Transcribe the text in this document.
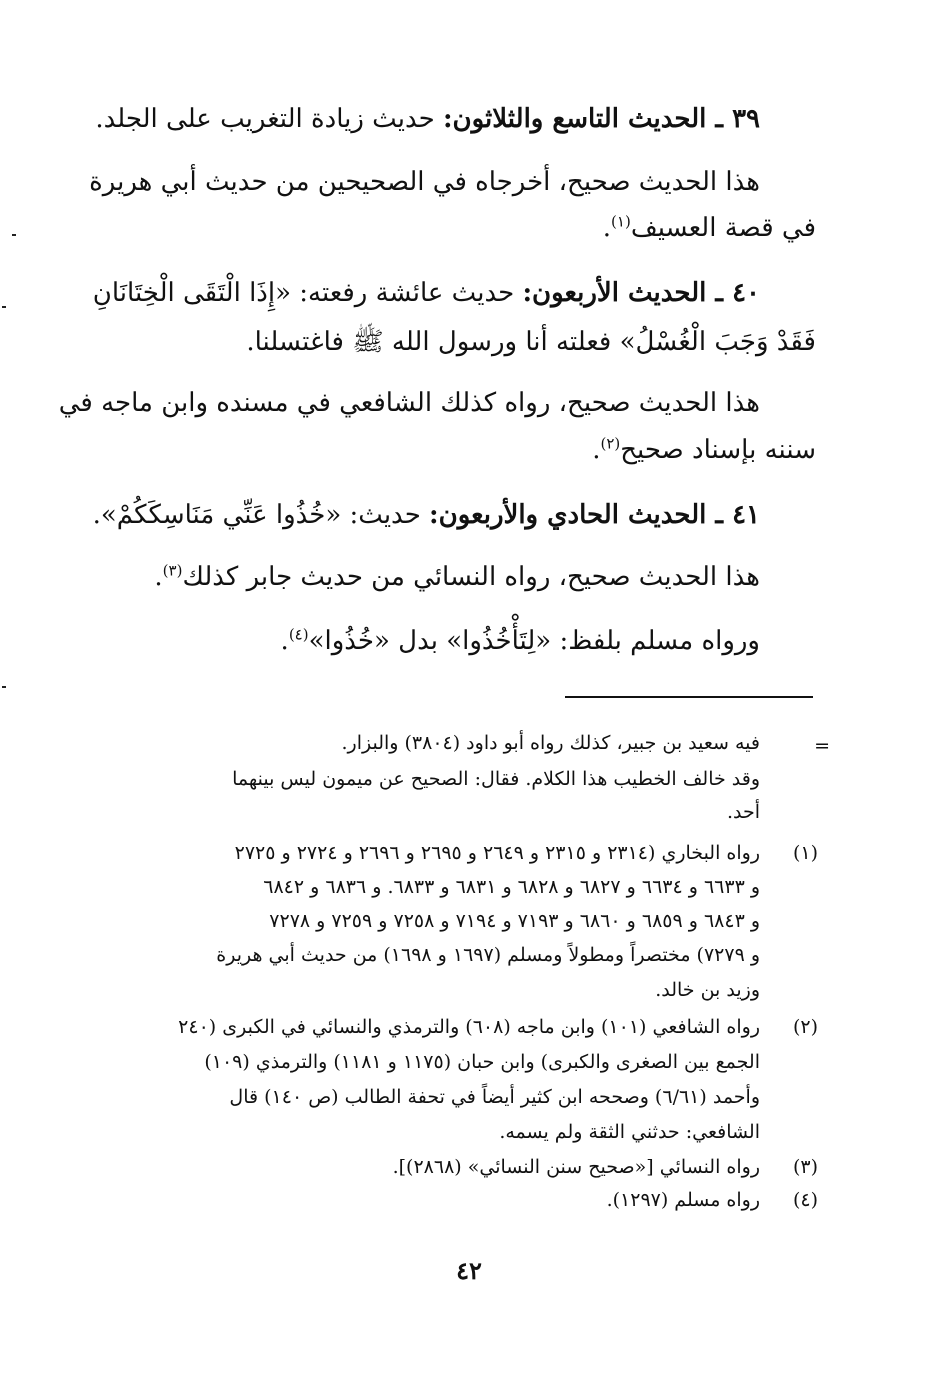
٣٩ ـ الحديث التاسع والثلاثون: حديث زيادة التغريب على الجلد.
هذا الحديث صحيح، أخرجاه في الصحيحين من حديث أبي هريرة
في قصة العسيف$^{(١)}$.
٤٠ ـ الحديث الأربعون: حديث عائشة رفعته: «إِذَا الْتَقَى الْخِتَانَانِ
فَقَدْ وَجَبَ الْغُسْلُ» فعلته أنا ورسول الله ﷺ فاغتسلنا.
هذا الحديث صحيح، رواه كذلك الشافعي في مسنده وابن ماجه في
سننه بإسناد صحيح$^{(٢)}$.
٤١ ـ الحديث الحادي والأربعون: حديث: «خُذُوا عَنِّي مَنَاسِكَكُمْ».
هذا الحديث صحيح، رواه النسائي من حديث جابر كذلك$^{(٣)}$.
ورواه مسلم بلفظ: «لِتَأْخُذُوا» بدل «خُذُوا»$^{(٤)}$.
=
فيه سعيد بن جبير، كذلك رواه أبو داود (٣٨٠٤) والبزار.
وقد خالف الخطيب هذا الكلام. فقال: الصحيح عن ميمون ليس بينهما
أحد.
(١)
رواه البخاري (٢٣١٤ و ٢٣١٥ و ٢٦٤٩ و ٢٦٩٥ و ٢٦٩٦ و ٢٧٢٤ و ٢٧٢٥
و ٦٦٣٣ و ٦٦٣٤ و ٦٨٢٧ و ٦٨٢٨ و ٦٨٣١ و ٦٨٣٣. و ٦٨٣٦ و ٦٨٤٢
و ٦٨٤٣ و ٦٨٥٩ و ٦٨٦٠ و ٧١٩٣ و ٧١٩٤ و ٧٢٥٨ و ٧٢٥٩ و ٧٢٧٨
و ٧٢٧٩) مختصراً ومطولاً ومسلم (١٦٩٧ و ١٦٩٨) من حديث أبي هريرة
وزيد بن خالد.
(٢)
رواه الشافعي (١٠١) وابن ماجه (٦٠٨) والترمذي والنسائي في الكبرى (٢٤٠
الجمع بين الصغرى والكبرى) وابن حبان (١١٧٥ و ١١٨١) والترمذي (١٠٩)
وأحمد (٦/٦١) وصححه ابن كثير أيضاً في تحفة الطالب (ص ١٤٠) قال
الشافعي: حدثني الثقة ولم يسمه.
(٣)
رواه النسائي [«صحيح سنن النسائي» (٢٨٦٨)].
(٤)
رواه مسلم (١٢٩٧).
٤٢
